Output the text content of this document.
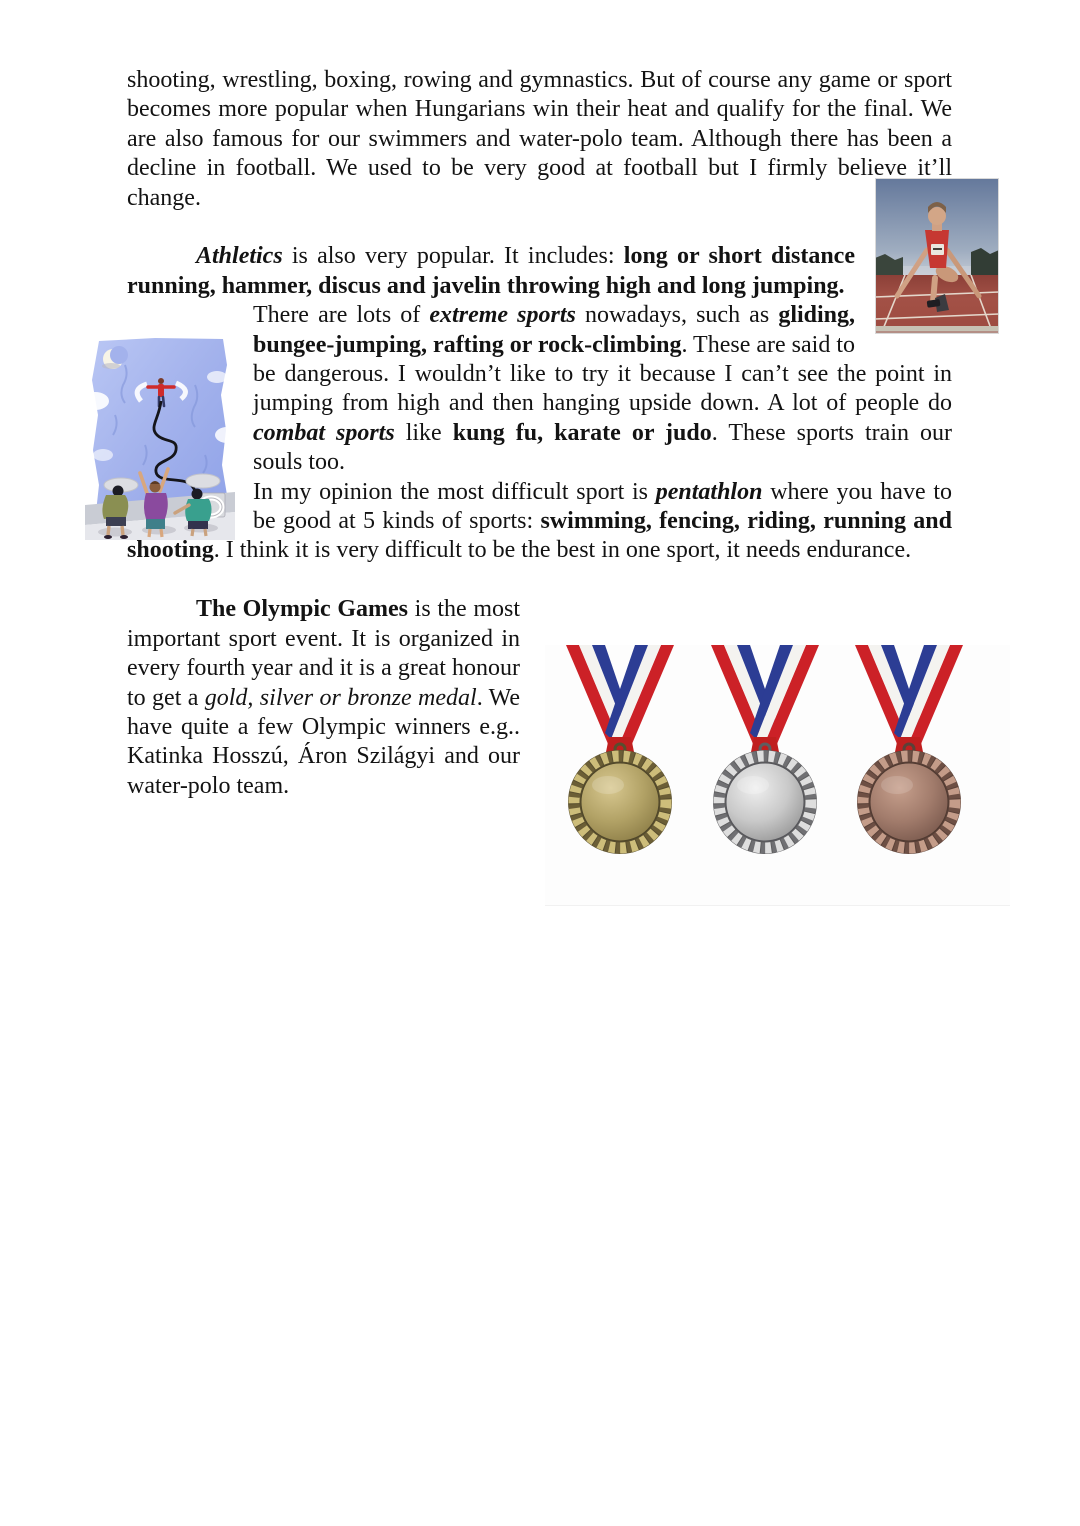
shooting, wrestling, boxing, rowing and gymnastics. But of course any game or sport becomes more popular when Hungarians win their heat and qualify for the final. We are also famous for our swimmers and water-polo team. Although there has been a decline in football. We used to be very good at football but I firmly believe it’ll change.

Athletics is also very popular. It includes: long or short distance running, hammer, discus and javelin throwing high and long jumping.

There are lots of extreme sports nowadays, such as gliding, bungee-jumping, rafting or rock-climbing. These are said to be dangerous. I wouldn’t like to try it because I can’t see the point in jumping from high and then hanging upside down. A lot of people do combat sports like kung fu, karate or judo. These sports train our souls too.

In my opinion the most difficult sport is pentathlon where you have to be good at 5 kinds of sports: swimming, fencing, riding, running and shooting. I think it is very difficult to be the best in one sport, it needs endurance.

The Olympic Games is the most important sport event. It is organized in every fourth year and it is a great honour to get a gold, silver or bronze medal. We have quite a few Olympic winners e.g.. Katinka Hosszú, Áron Szilágyi and our water-polo team.
